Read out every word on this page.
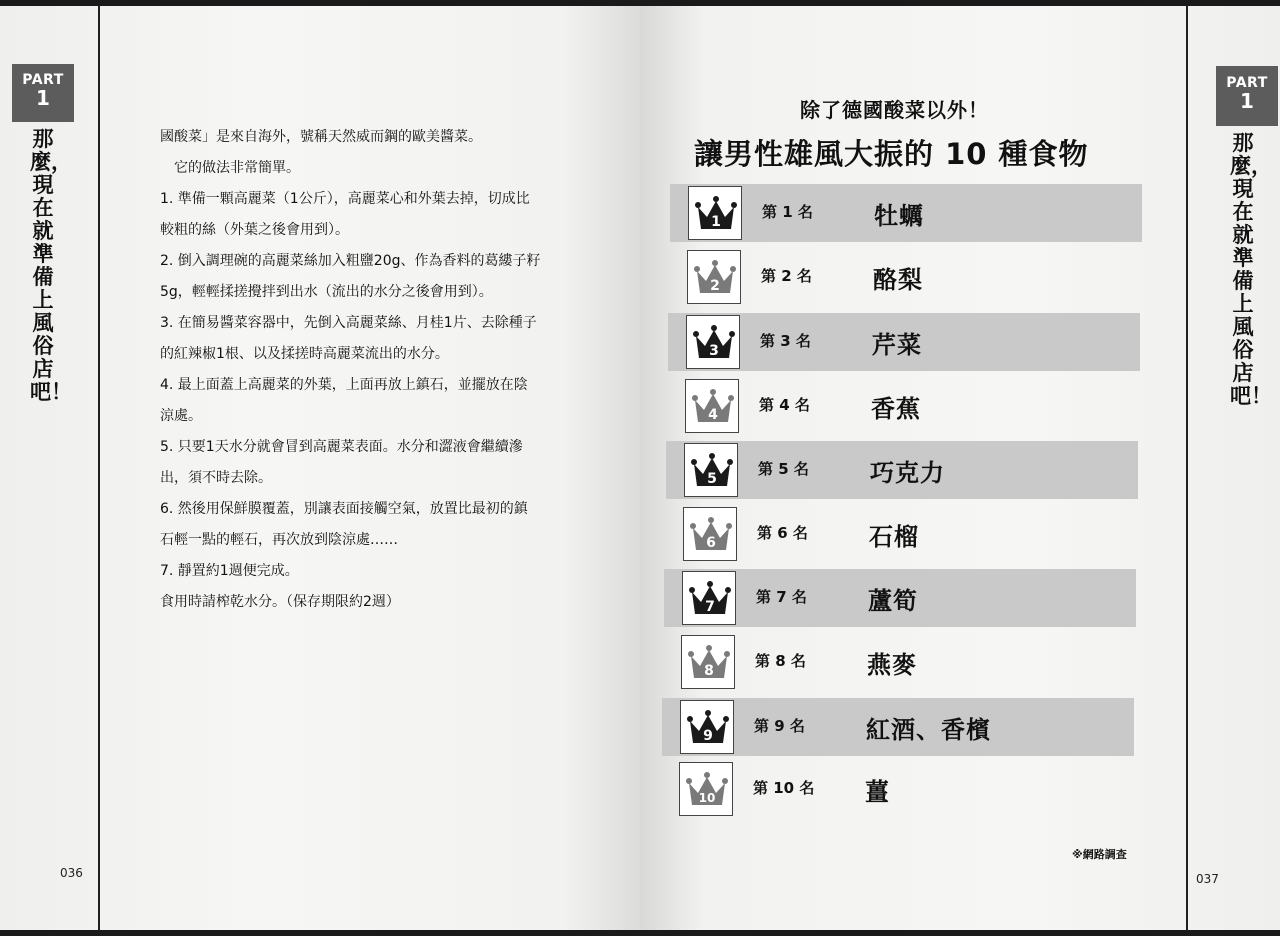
PART
1
那麼，現在就準備上風俗店吧！

國酸菜」是來自海外，號稱天然威而鋼的歐美醬菜。

它的做法非常簡單。

1. 準備一顆高麗菜（1公斤），高麗菜心和外葉去掉，切成比

較粗的絲（外葉之後會用到）。

2. 倒入調理碗的高麗菜絲加入粗鹽20g、作為香料的葛縷子籽

5g，輕輕揉搓攪拌到出水（流出的水分之後會用到）。

3. 在簡易醬菜容器中，先倒入高麗菜絲、月桂1片、去除種子

的紅辣椒1根、以及揉搓時高麗菜流出的水分。

4. 最上面蓋上高麗菜的外葉，上面再放上鎮石，並擺放在陰

涼處。

5. 只要1天水分就會冒到高麗菜表面。水分和澀液會繼續滲

出，須不時去除。

6. 然後用保鮮膜覆蓋，別讓表面接觸空氣，放置比最初的鎮

石輕一點的輕石，再次放到陰涼處……

7. 靜置約1週便完成。

食用時請榨乾水分。（保存期限約2週）

036
PART
1
那麼，現在就準備上風俗店吧！
037
除了德國酸菜以外！
讓男性雄風大振的 10 種食物
1
第 1 名	牡蠣
2
第 2 名	酪梨
3
第 3 名	芹菜
4
第 4 名	香蕉
5
第 5 名	巧克力
6
第 6 名	石榴
7
第 7 名	蘆筍
8
第 8 名	燕麥
9
第 9 名	紅酒、香檳
10
第 10 名 薑
※網路調查
